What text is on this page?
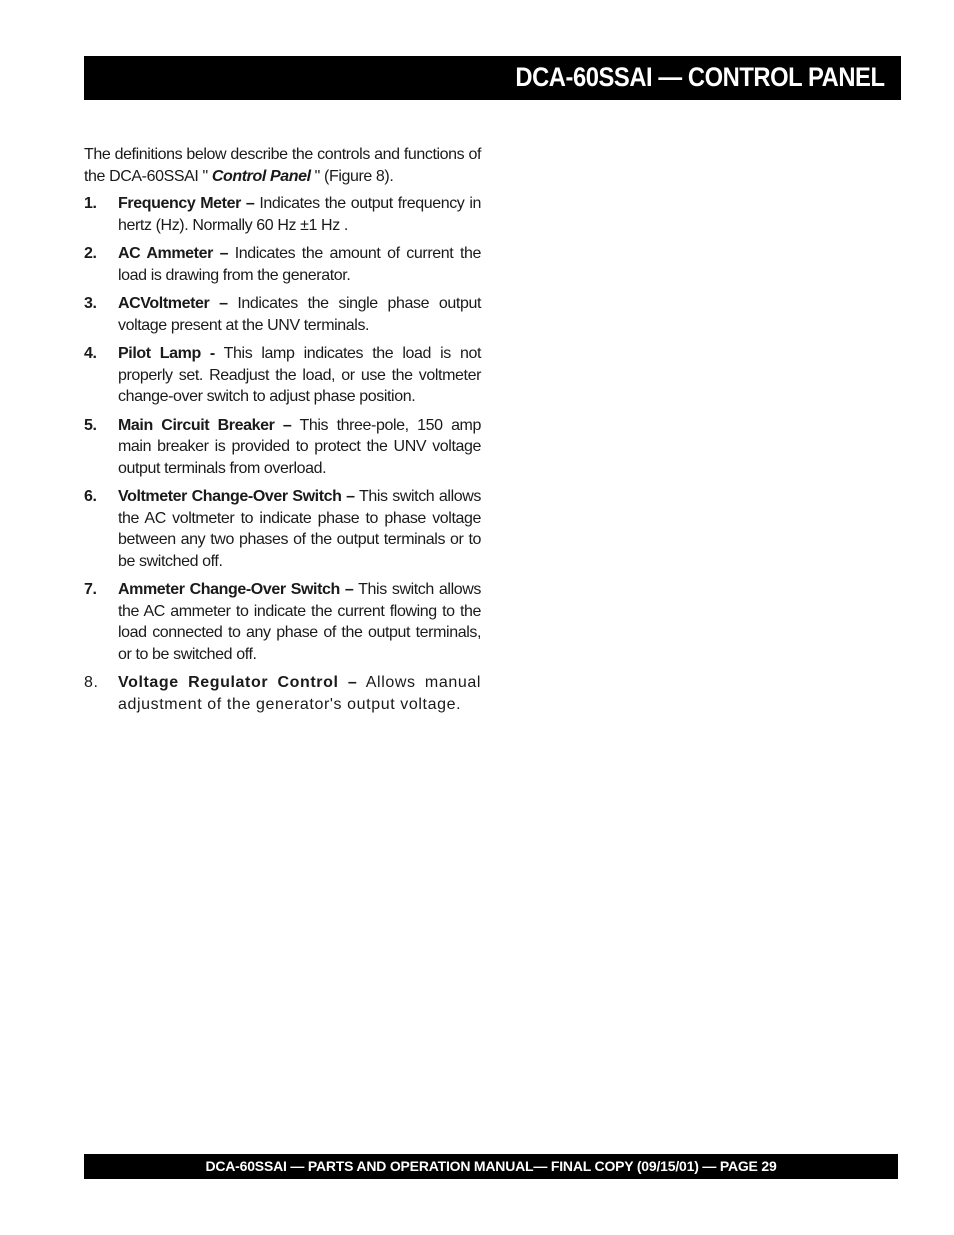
DCA-60SSAI — CONTROL PANEL

The definitions below describe the controls and functions of the DCA-60SSAI " Control Panel " (Figure 8).

1. Frequency Meter – Indicates the output frequency in hertz (Hz). Normally 60 Hz ±1 Hz .
2. AC Ammeter – Indicates the amount of current the load is drawing from the generator.
3. ACVoltmeter – Indicates the single phase output voltage present at the UNV terminals.
4. Pilot Lamp - This lamp indicates the load is not properly set. Readjust the load, or use the voltmeter change-over switch to adjust phase position.
5. Main Circuit Breaker – This three-pole, 150 amp main breaker is provided to protect the UNV voltage output terminals from overload.
6. Voltmeter Change-Over Switch – This switch allows the AC voltmeter to indicate phase to phase voltage between any two phases of the output terminals or to be switched off.
7. Ammeter Change-Over Switch – This switch allows the AC ammeter to indicate the current flowing to the load connected to any phase of the output terminals, or to be switched off.
8. Voltage Regulator Control – Allows manual adjustment of the generator's output voltage.
DCA-60SSAI — PARTS AND OPERATION MANUAL— FINAL COPY (09/15/01) — PAGE 29
